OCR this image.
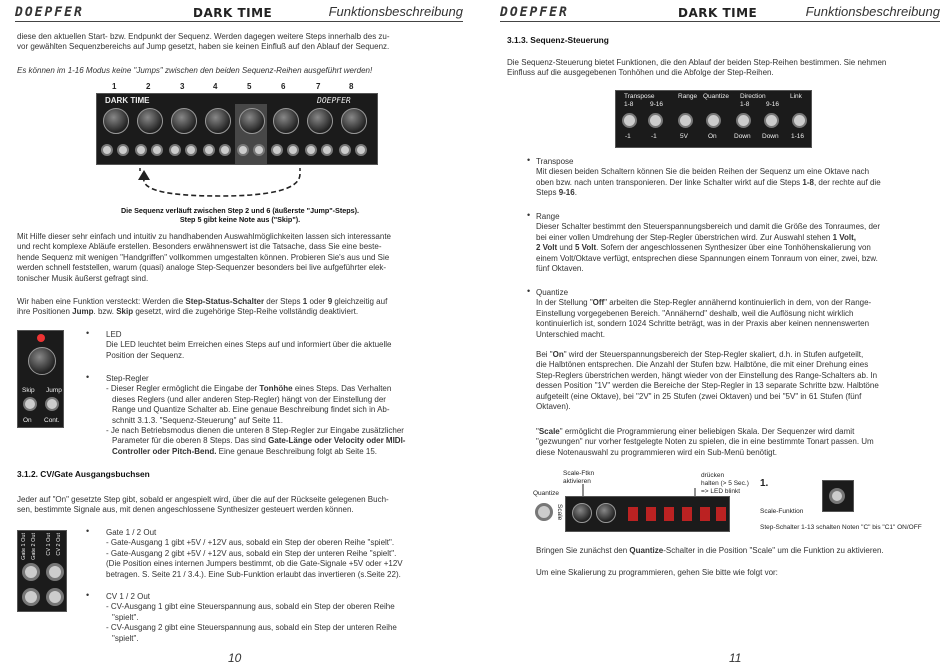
DOEPFER	DARK TIME	Funktionsbeschreibung
diese den aktuellen Start- bzw. Endpunkt der Sequenz. Werden dagegen weitere Steps innerhalb des zu-
vor gewählten Sequenzbereichs auf Jump gesetzt, haben sie keinen Einfluß auf den Ablauf der Sequenz.
Es können im 1-16 Modus keine "Jumps" zwischen den beiden Sequenz-Reihen ausgeführt werden!
1	2	3	4	5	6	7	8
DARK TIME	DOEPFER
Die Sequenz verläuft zwischen Step 2 und 6 (äußerste "Jump"-Steps).
Step 5 gibt keine Note aus ("Skip").
Mit Hilfe dieser sehr einfach und intuitiv zu handhabenden Auswahlmöglichkeiten lassen sich interessante
und recht komplexe Abläufe erstellen. Besonders erwähnenswert ist die Tatsache, dass Sie eine beste-
hende Sequenz mit wenigen "Handgriffen" vollkommen umgestalten können. Probieren Sie's aus und Sie
werden schnell feststellen, warum (quasi) analoge Step-Sequenzer besonders bei live aufgeführter elek-
tonischer Musik äußerst gefragt sind.
Wir haben eine Funktion versteckt: Werden die Step-Status-Schalter der Steps 1 oder 9 gleichzeitig auf
ihre Positionen Jump. bzw. Skip gesetzt, wird die zugehörige Step-Reihe vollständig deaktiviert.
Skip Jump
On Cont.
• LED
Die LED leuchtet beim Erreichen eines Steps auf und informiert über die aktuelle
Position der Sequenz.
• Step-Regler
- Dieser Regler ermöglicht die Eingabe der Tonhöhe eines Steps. Das Verhalten
dieses Reglers (und aller anderen Step-Regler) hängt von der Einstellung der
Range und Quantize Schalter ab. Eine genaue Beschreibung findet sich in Ab-
schnitt 3.1.3. "Sequenz-Steuerung" auf Seite 11.
- Je nach Betriebsmodus dienen die unteren 8 Step-Regler zur Eingabe zusätzlicher
Parameter für die oberen 8 Steps. Das sind Gate-Länge oder Velocity oder MIDI-
Controller oder Pitch-Bend. Eine genaue Beschreibung folgt ab Seite 15.
3.1.2. CV/Gate Ausgangsbuchsen
Jeder auf "On" gesetzte Step gibt, sobald er angespielt wird, über die auf der Rückseite gelegenen Buch-
sen, bestimmte Signale aus, mit denen angeschlossene Synthesizer gesteuert werden können.
Gate 1 Out Gate 2 Out CV 1 Out CV 2 Out
• Gate 1 / 2 Out
- Gate-Ausgang 1 gibt +5V / +12V aus, sobald ein Step der oberen Reihe "spielt".
- Gate-Ausgang 2 gibt +5V / +12V aus, sobald ein Step der unteren Reihe "spielt".
(Die Position eines internen Jumpers bestimmt, ob die Gate-Signale +5V oder +12V
betragen. S. Seite 21 / 3.4.). Eine Sub-Funktion erlaubt das invertieren (s.Seite 22).
• CV 1 / 2 Out
- CV-Ausgang 1 gibt eine Steuerspannung aus, sobald ein Step der oberen Reihe
"spielt".
- CV-Ausgang 2 gibt eine Steuerspannung aus, sobald ein Step der unteren Reihe
"spielt".
10
DOEPFER	DARK TIME	Funktionsbeschreibung
3.1.3. Sequenz-Steuerung
Die Sequenz-Steuerung bietet Funktionen, die den Ablauf der beiden Step-Reihen bestimmen. Sie nehmen
Einfluss auf die ausgegebenen Tonhöhen und die Abfolge der Step-Reihen.
Transpose	Range Quantize Direction	Link
1-8	9-16	1-8	9-16
-1	-1	5V	On	Down Down 1-16
• Transpose
Mit diesen beiden Schaltern können Sie die beiden Reihen der Sequenz um eine Oktave nach
oben bzw. nach unten transponieren. Der linke Schalter wirkt auf die Steps 1-8, der rechte auf die
Steps 9-16.
• Range
Dieser Schalter bestimmt den Steuerspannungsbereich und damit die Größe des Tonraumes, der
bei einer vollen Umdrehung der Step-Regler überstrichen wird. Zur Auswahl stehen 1 Volt,
2 Volt und 5 Volt. Sofern der angeschlossenen Synthesizer über eine Tonhöhenskalierung von
einem Volt/Oktave verfügt, entsprechen diese Spannungen einem Tonraum von einer, zwei, bzw.
fünf Oktaven.
• Quantize
In der Stellung "Off" arbeiten die Step-Regler annähernd kontinuierlich in dem, von der Range-
Einstellung vorgegebenen Bereich. "Annähernd" deshalb, weil die Auflösung nicht wirklich
kontinuierlich ist, sondern 1024 Schritte beträgt, was in der Praxis aber keinen nennenswerten
Unterschied macht.
Bei "On" wird der Steuerspannungsbereich der Step-Regler skaliert, d.h. in Stufen aufgeteilt,
die Halbtönen entsprechen. Die Anzahl der Stufen bzw. Halbtöne, die mit einer Drehung eines
Step-Reglers überstrichen werden, hängt wieder von der Einstellung des Range-Schalters ab. In
dessen Position "1V" werden die Bereiche der Step-Regler in 13 separate Schritte bzw. Halbtöne
aufgeteilt (eine Oktave), bei "2V" in 25 Stufen (zwei Oktaven) und bei "5V" in 61 Stufen (fünf
Oktaven).
"Scale" ermöglicht die Programmierung einer beliebigen Skala. Der Sequenzer wird damit
"gezwungen" nur vorher festgelegte Noten zu spielen, die in eine bestimmte Tonart passen. Um
diese Notenauswahl zu programmieren wird ein Sub-Menü benötigt.
Scale-Ftkn
aktivieren
drücken
halten (> 5 Sec.)
=> LED blinkt
Quantize
Scale
1.
Scale-Funktion
Step-Schalter 1-13 schalten Noten "C" bis "C1" ON/OFF
Bringen Sie zunächst den Quantize-Schalter in die Position "Scale" um die Funktion zu aktivieren.
Um eine Skalierung zu programmieren, gehen Sie bitte wie folgt vor:
11
